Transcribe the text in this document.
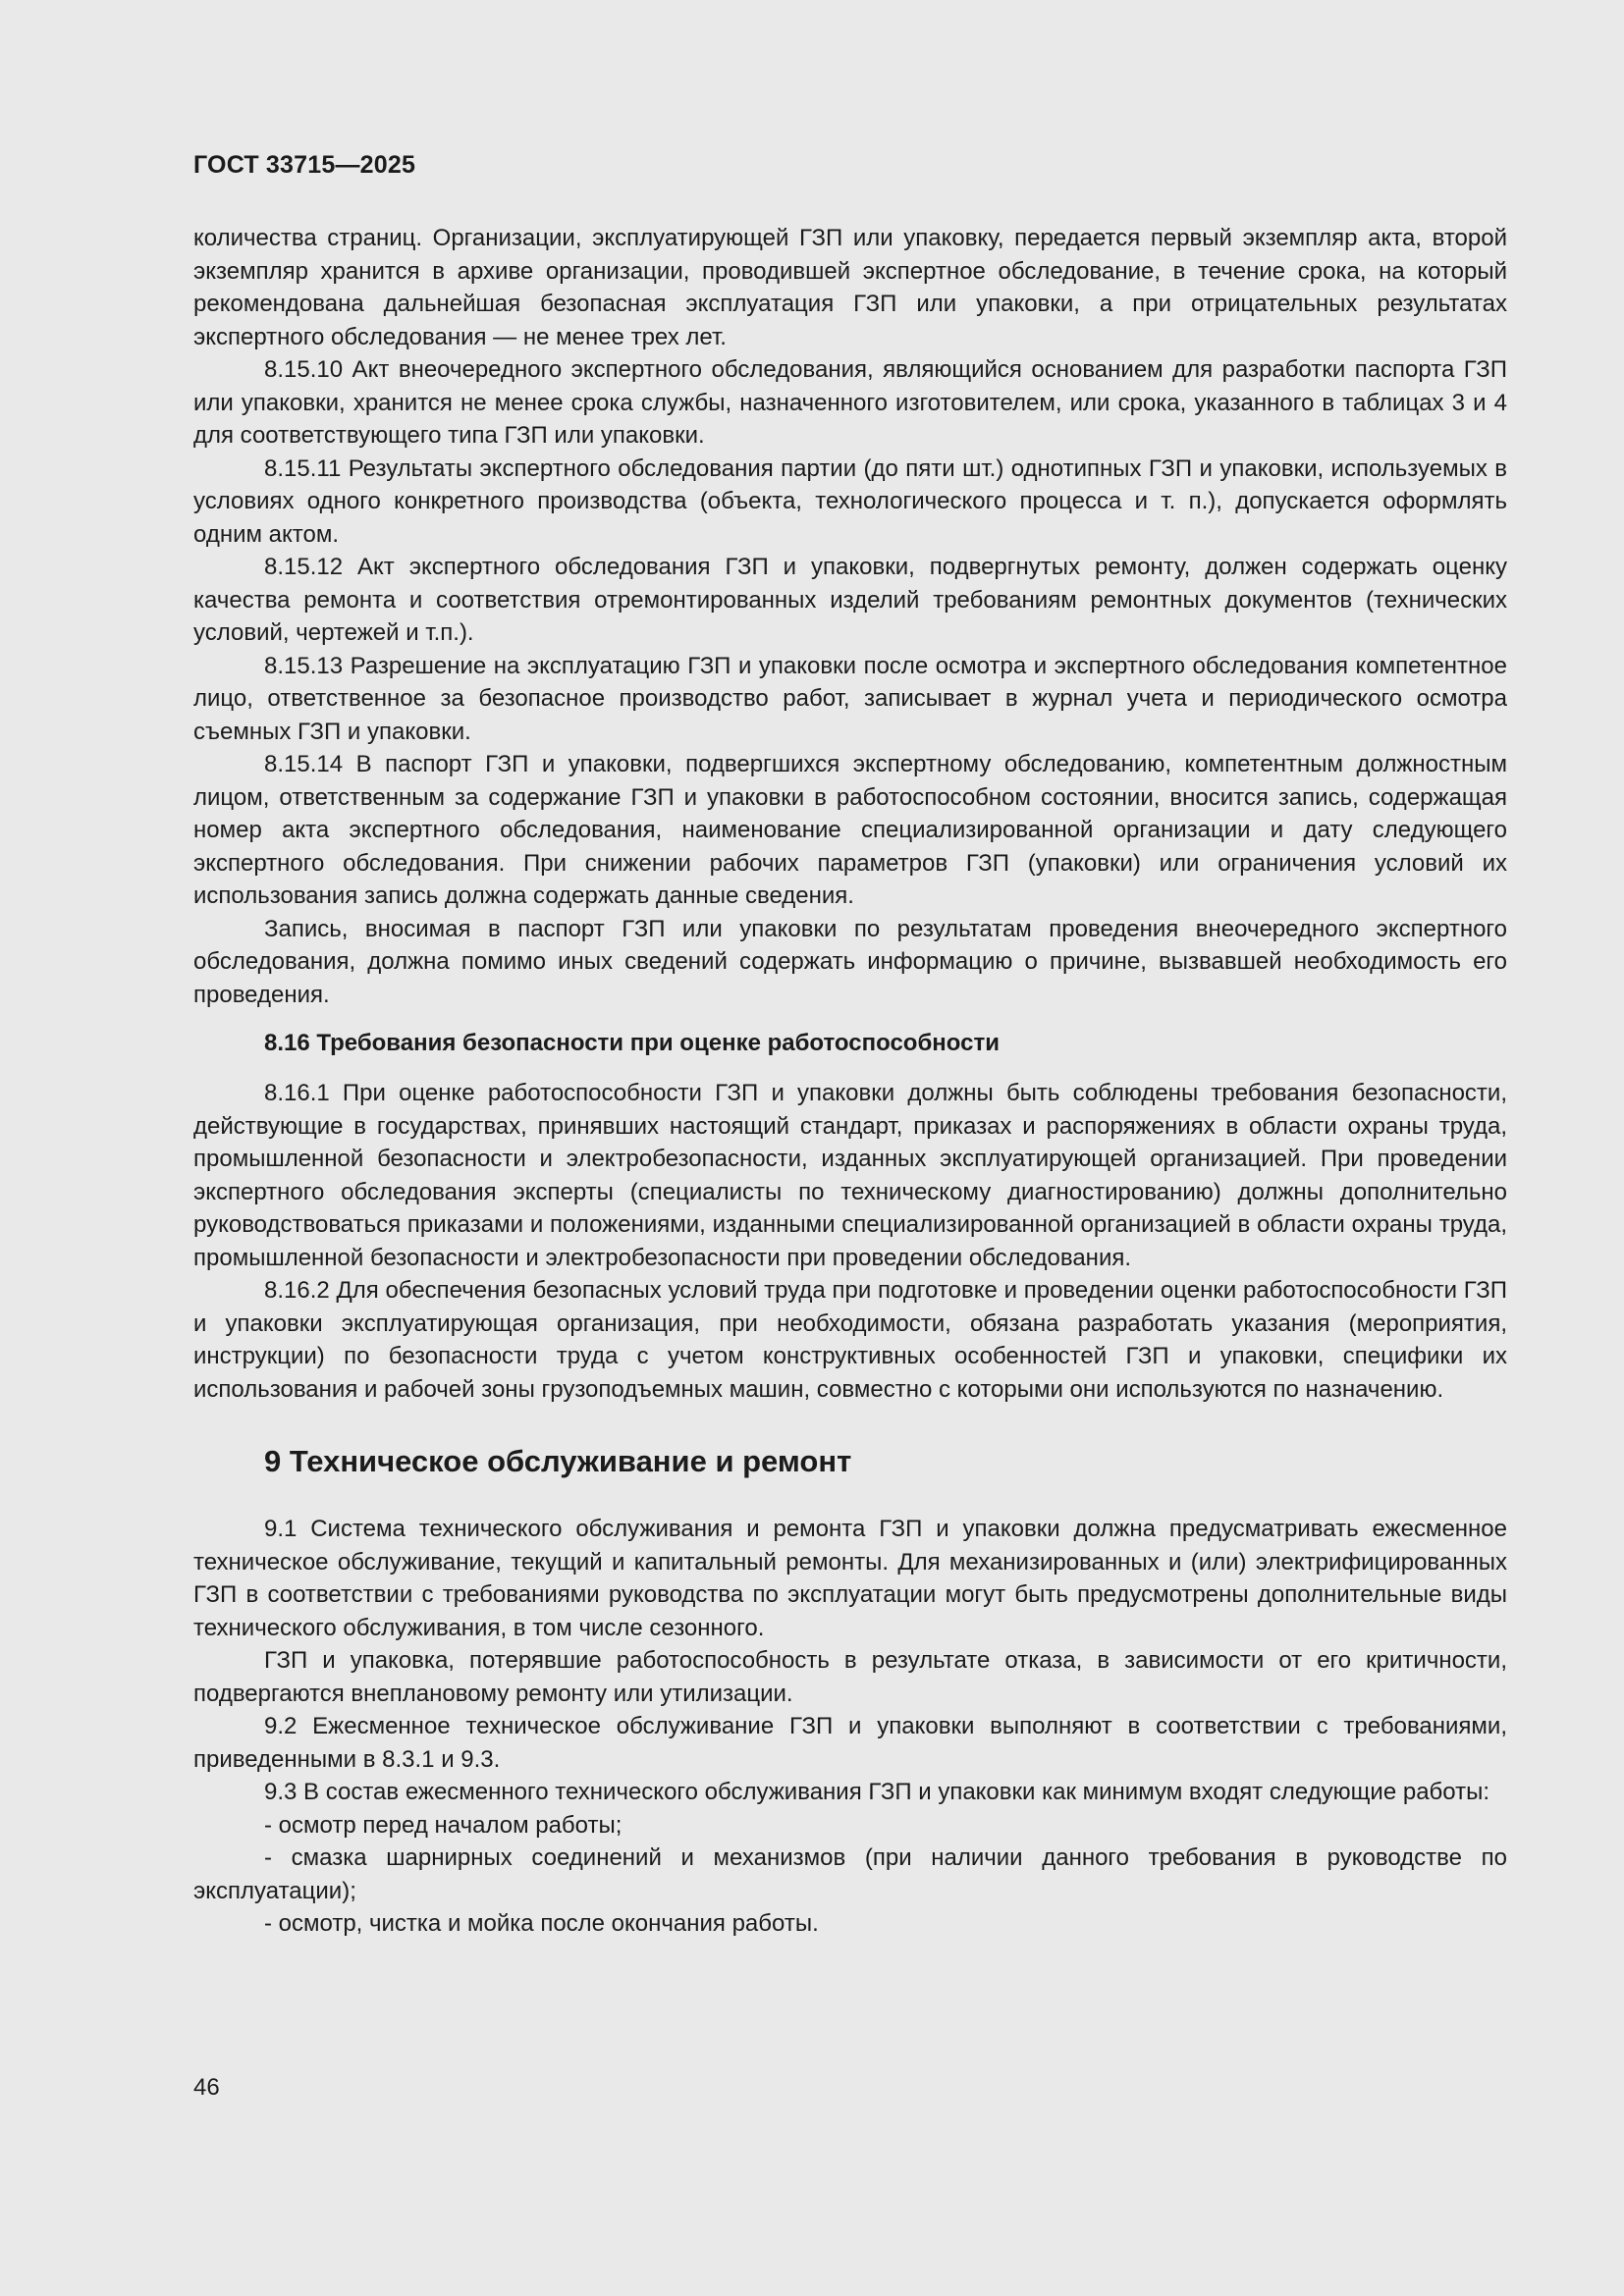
ГОСТ 33715—2025

количества страниц. Организации, эксплуатирующей ГЗП или упаковку, передается первый экземпляр акта, второй экземпляр хранится в архиве организации, проводившей экспертное обследование, в течение срока, на который рекомендована дальнейшая безопасная эксплуатация ГЗП или упаковки, а при отрицательных результатах экспертного обследования — не менее трех лет.

8.15.10 Акт внеочередного экспертного обследования, являющийся основанием для разработки паспорта ГЗП или упаковки, хранится не менее срока службы, назначенного изготовителем, или срока, указанного в таблицах 3 и 4 для соответствующего типа ГЗП или упаковки.

8.15.11 Результаты экспертного обследования партии (до пяти шт.) однотипных ГЗП и упаковки, используемых в условиях одного конкретного производства (объекта, технологического процесса и т. п.), допускается оформлять одним актом.

8.15.12 Акт экспертного обследования ГЗП и упаковки, подвергнутых ремонту, должен содержать оценку качества ремонта и соответствия отремонтированных изделий требованиям ремонтных документов (технических условий, чертежей и т.п.).

8.15.13 Разрешение на эксплуатацию ГЗП и упаковки после осмотра и экспертного обследования компетентное лицо, ответственное за безопасное производство работ, записывает в журнал учета и периодического осмотра съемных ГЗП и упаковки.

8.15.14 В паспорт ГЗП и упаковки, подвергшихся экспертному обследованию, компетентным должностным лицом, ответственным за содержание ГЗП и упаковки в работоспособном состоянии, вносится запись, содержащая номер акта экспертного обследования, наименование специализированной организации и дату следующего экспертного обследования. При снижении рабочих параметров ГЗП (упаковки) или ограничения условий их использования запись должна содержать данные сведения.

Запись, вносимая в паспорт ГЗП или упаковки по результатам проведения внеочередного экспертного обследования, должна помимо иных сведений содержать информацию о причине, вызвавшей необходимость его проведения.

8.16 Требования безопасности при оценке работоспособности

8.16.1 При оценке работоспособности ГЗП и упаковки должны быть соблюдены требования безопасности, действующие в государствах, принявших настоящий стандарт, приказах и распоряжениях в области охраны труда, промышленной безопасности и электробезопасности, изданных эксплуатирующей организацией. При проведении экспертного обследования эксперты (специалисты по техническому диагностированию) должны дополнительно руководствоваться приказами и положениями, изданными специализированной организацией в области охраны труда, промышленной безопасности и электробезопасности при проведении обследования.

8.16.2 Для обеспечения безопасных условий труда при подготовке и проведении оценки работоспособности ГЗП и упаковки эксплуатирующая организация, при необходимости, обязана разработать указания (мероприятия, инструкции) по безопасности труда с учетом конструктивных особенностей ГЗП и упаковки, специфики их использования и рабочей зоны грузоподъемных машин, совместно с которыми они используются по назначению.

9 Техническое обслуживание и ремонт

9.1 Система технического обслуживания и ремонта ГЗП и упаковки должна предусматривать ежесменное техническое обслуживание, текущий и капитальный ремонты. Для механизированных и (или) электрифицированных ГЗП в соответствии с требованиями руководства по эксплуатации могут быть предусмотрены дополнительные виды технического обслуживания, в том числе сезонного.

ГЗП и упаковка, потерявшие работоспособность в результате отказа, в зависимости от его критичности, подвергаются внеплановому ремонту или утилизации.

9.2 Ежесменное техническое обслуживание ГЗП и упаковки выполняют в соответствии с требованиями, приведенными в 8.3.1 и 9.3.

9.3 В состав ежесменного технического обслуживания ГЗП и упаковки как минимум входят следующие работы:

- осмотр перед началом работы;

- смазка шарнирных соединений и механизмов (при наличии данного требования в руководстве по эксплуатации);

- осмотр, чистка и мойка после окончания работы.

46
